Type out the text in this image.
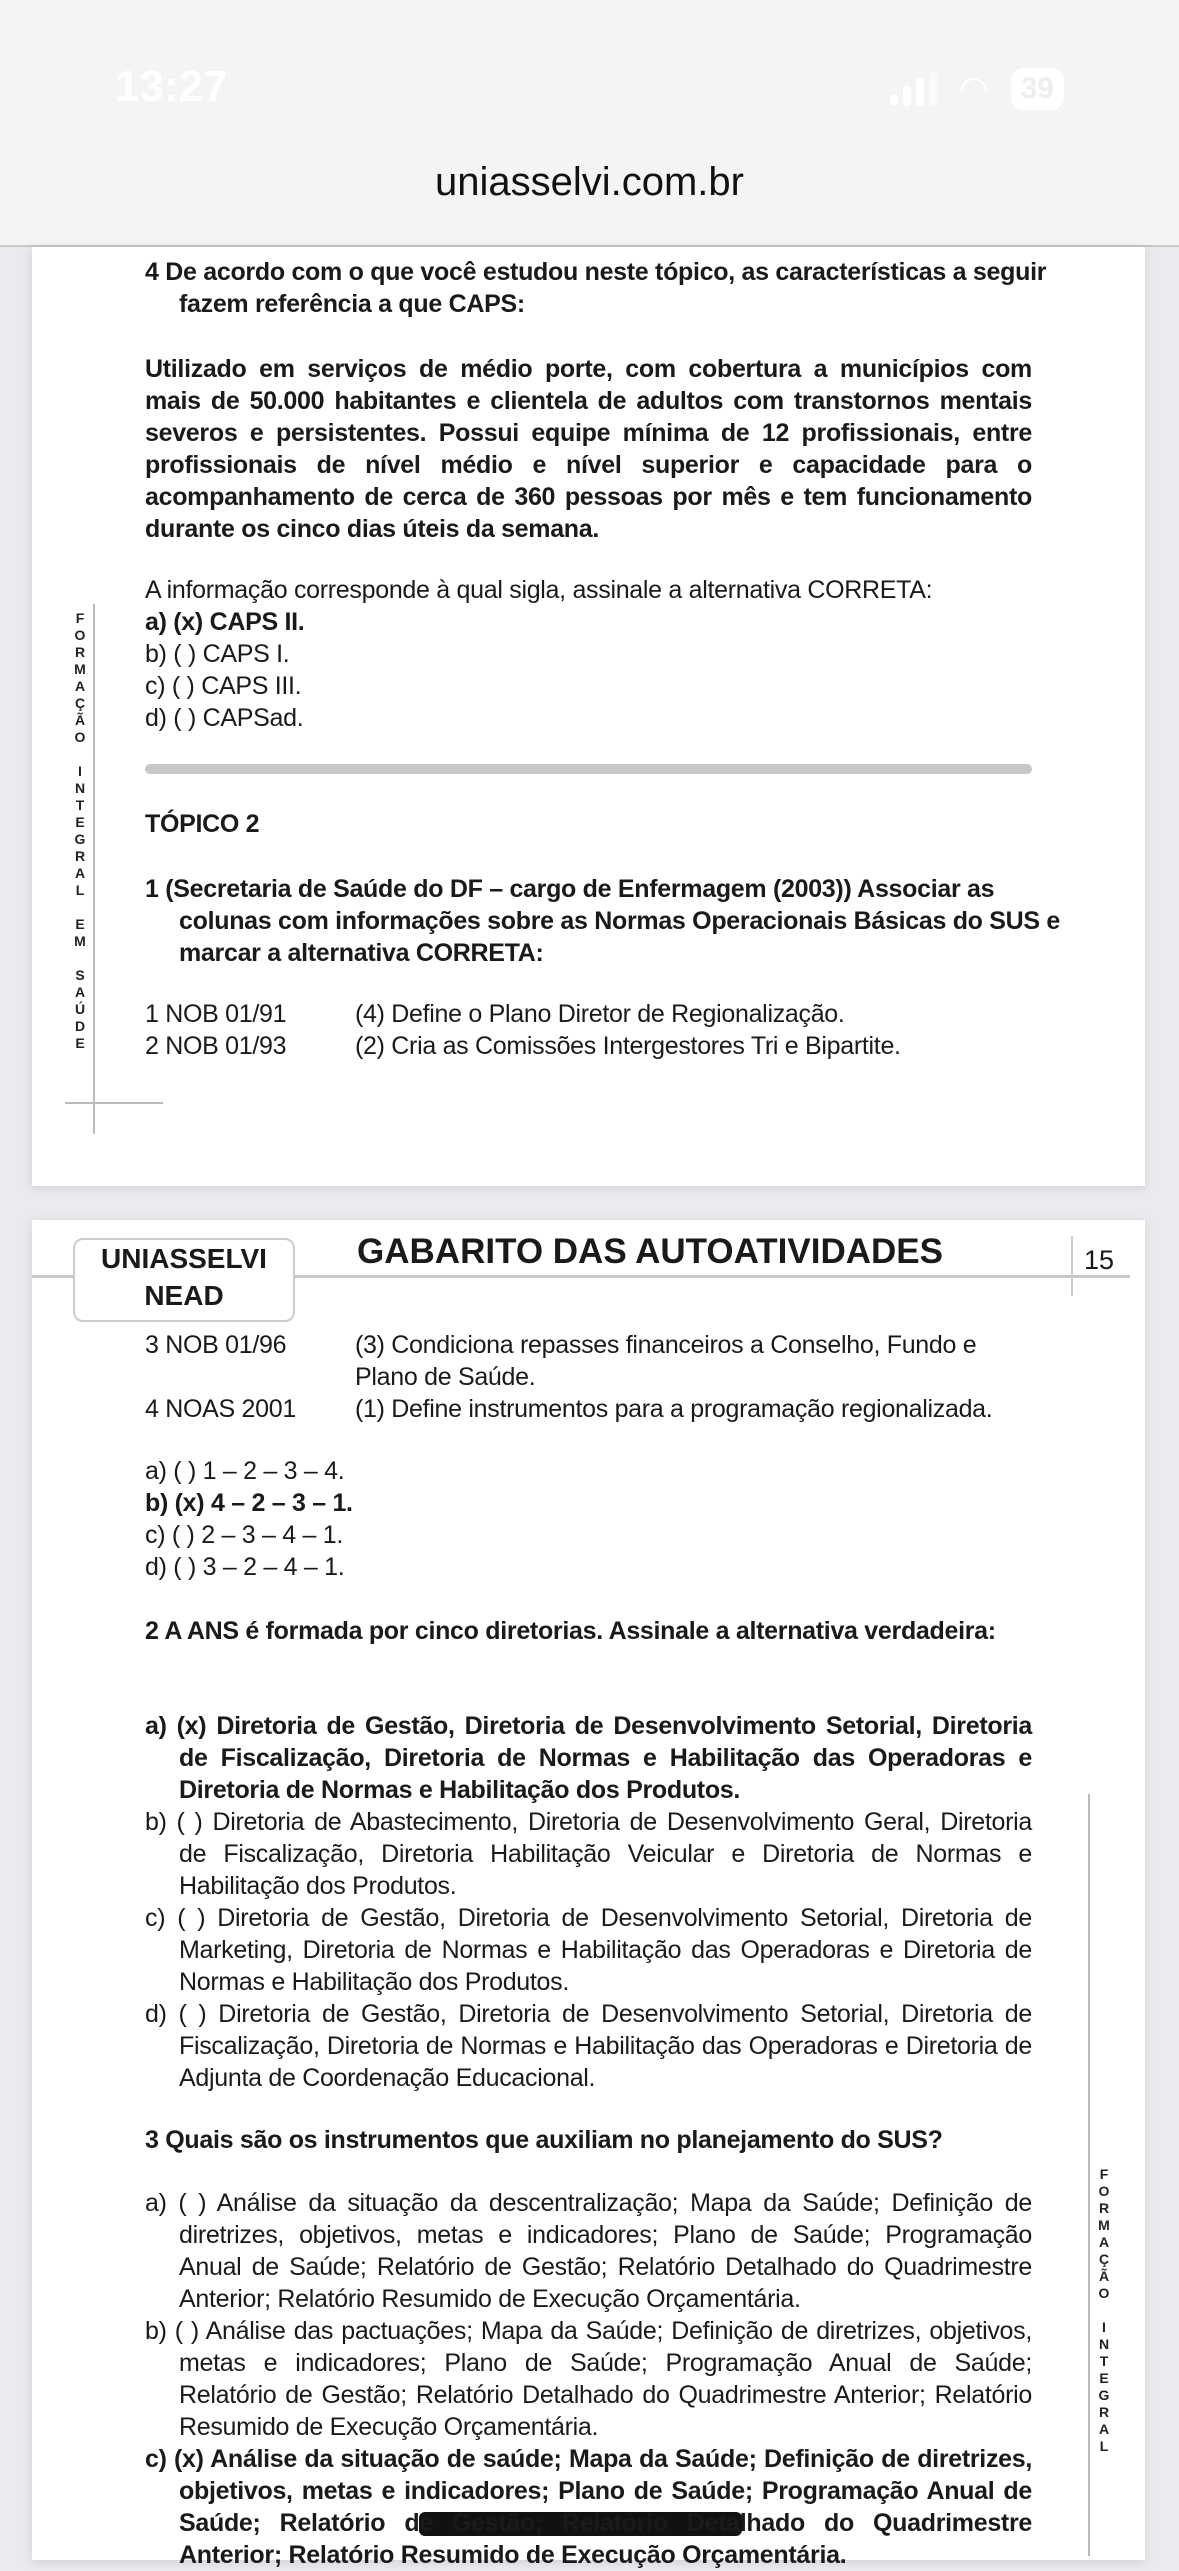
13:27	◠	39
uniasselvi.com.br
FORMAÇÃO INTEGRAL EM SAÚDE
4 De acordo com o que você estudou neste tópico, as características a seguir fazem referência a que CAPS:
Utilizado em serviços de médio porte, com cobertura a municípios com mais de 50.000 habitantes e clientela de adultos com transtornos mentais severos e persistentes. Possui equipe mínima de 12 profissionais, entre profissionais de nível médio e nível superior e capacidade para o acompanhamento de cerca de 360 pessoas por mês e tem funcionamento durante os cinco dias úteis da semana.
A informação corresponde à qual sigla, assinale a alternativa CORRETA:
a) (x) CAPS II.
b) ( ) CAPS I.
c) ( ) CAPS III.
d) ( ) CAPSad.
TÓPICO 2
1 (Secretaria de Saúde do DF – cargo de Enfermagem (2003)) Associar as colunas com informações sobre as Normas Operacionais Básicas do SUS e marcar a alternativa CORRETA:
1 NOB 01/91	(4) Define o Plano Diretor de Regionalização.
2 NOB 01/93	(2) Cria as Comissões Intergestores Tri e Bipartite.
UNIASSELVI
NEAD
GABARITO DAS AUTOATIVIDADES	15
3 NOB 01/96	(3) Condiciona repasses financeiros a Conselho, Fundo e Plano de Saúde.
4 NOAS 2001	(1) Define instrumentos para a programação regionalizada.
a) ( ) 1 – 2 – 3 – 4.
b) (x) 4 – 2 – 3 – 1.
c) ( ) 2 – 3 – 4 – 1.
d) ( ) 3 – 2 – 4 – 1.
2 A ANS é formada por cinco diretorias. Assinale a alternativa verdadeira:
a) (x) Diretoria de Gestão, Diretoria de Desenvolvimento Setorial, Diretoria de Fiscalização, Diretoria de Normas e Habilitação das Operadoras e Diretoria de Normas e Habilitação dos Produtos.
b) ( ) Diretoria de Abastecimento, Diretoria de Desenvolvimento Geral, Diretoria de Fiscalização, Diretoria Habilitação Veicular e Diretoria de Normas e Habilitação dos Produtos.
c) ( ) Diretoria de Gestão, Diretoria de Desenvolvimento Setorial, Diretoria de Marketing, Diretoria de Normas e Habilitação das Operadoras e Diretoria de Normas e Habilitação dos Produtos.
d) ( ) Diretoria de Gestão, Diretoria de Desenvolvimento Setorial, Diretoria de Fiscalização, Diretoria de Normas e Habilitação das Operadoras e Diretoria de Adjunta de Coordenação Educacional.
3 Quais são os instrumentos que auxiliam no planejamento do SUS?
a) ( ) Análise da situação da descentralização; Mapa da Saúde; Definição de diretrizes, objetivos, metas e indicadores; Plano de Saúde; Programação Anual de Saúde; Relatório de Gestão; Relatório Detalhado do Quadrimestre Anterior; Relatório Resumido de Execução Orçamentária.
b) ( ) Análise das pactuações; Mapa da Saúde; Definição de diretrizes, objetivos, metas e indicadores; Plano de Saúde; Programação Anual de Saúde; Relatório de Gestão; Relatório Detalhado do Quadrimestre Anterior; Relatório Resumido de Execução Orçamentária.
c) (x) Análise da situação de saúde; Mapa da Saúde; Definição de diretrizes, objetivos, metas e indicadores; Plano de Saúde; Programação Anual de Saúde; Relatório de Gestão; Relatório Detalhado do Quadrimestre Anterior; Relatório Resumido de Execução Orçamentária.
FORMAÇÃO INTEGRAL
